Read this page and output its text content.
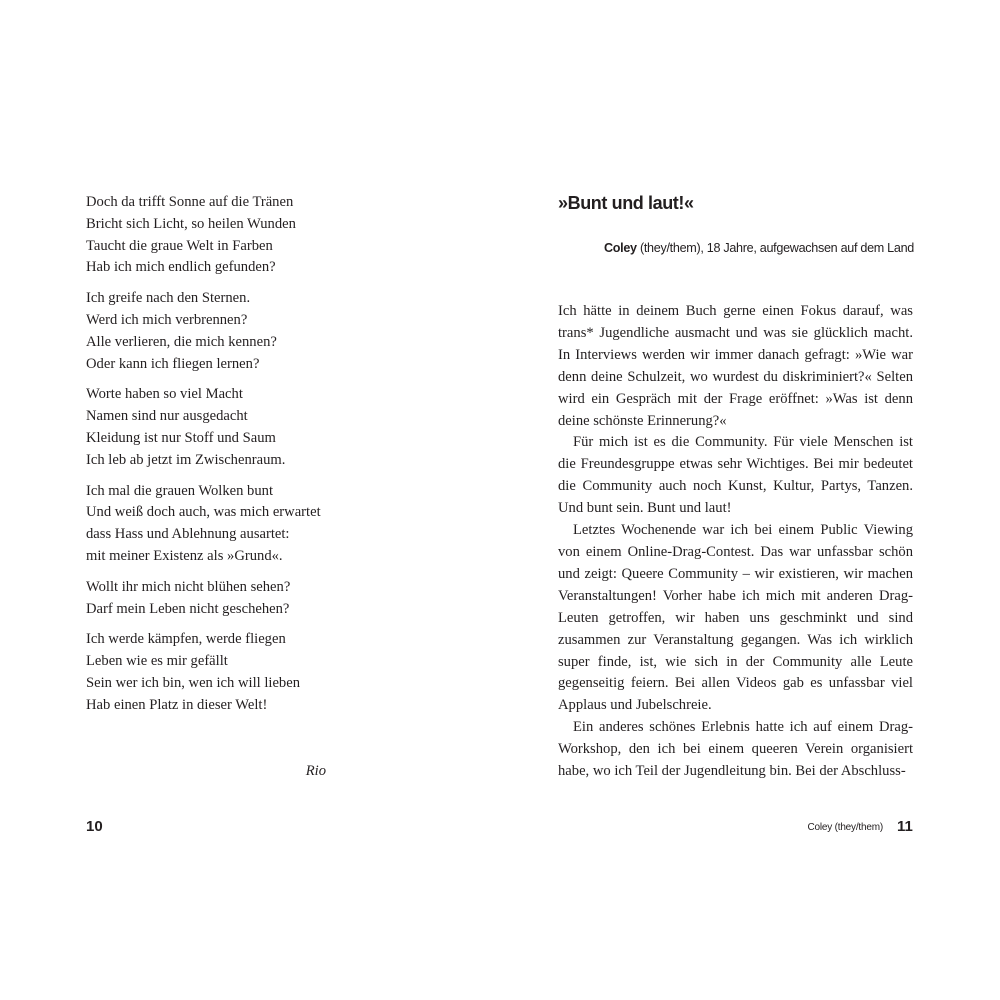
Doch da trifft Sonne auf die Tränen
Bricht sich Licht, so heilen Wunden
Taucht die graue Welt in Farben
Hab ich mich endlich gefunden?
Ich greife nach den Sternen.
Werd ich mich verbrennen?
Alle verlieren, die mich kennen?
Oder kann ich fliegen lernen?
Worte haben so viel Macht
Namen sind nur ausgedacht
Kleidung ist nur Stoff und Saum
Ich leb ab jetzt im Zwischenraum.
Ich mal die grauen Wolken bunt
Und weiß doch auch, was mich erwartet
dass Hass und Ablehnung ausartet:
mit meiner Existenz als »Grund«.
Wollt ihr mich nicht blühen sehen?
Darf mein Leben nicht geschehen?
Ich werde kämpfen, werde fliegen
Leben wie es mir gefällt
Sein wer ich bin, wen ich will lieben
Hab einen Platz in dieser Welt!
Rio
10
»Bunt und laut!«
Coley (they/them), 18 Jahre, aufgewachsen auf dem Land

Ich hätte in deinem Buch gerne einen Fokus darauf, was trans* Jugendliche ausmacht und was sie glücklich macht. In Interviews werden wir immer danach gefragt: »Wie war denn deine Schulzeit, wo wurdest du diskriminiert?« Selten wird ein Gespräch mit der Frage eröffnet: »Was ist denn deine schönste Erinnerung?«

Für mich ist es die Community. Für viele Menschen ist die Freundesgruppe etwas sehr Wichtiges. Bei mir bedeutet die Community auch noch Kunst, Kultur, Partys, Tanzen. Und bunt sein. Bunt und laut!

Letztes Wochenende war ich bei einem Public Viewing von einem Online-Drag-Contest. Das war unfassbar schön und zeigt: Queere Community – wir existieren, wir machen Veranstaltungen! Vorher habe ich mich mit anderen Drag-Leuten getroffen, wir haben uns geschminkt und sind zusammen zur Veranstaltung gegangen. Was ich wirklich super finde, ist, wie sich in der Community alle Leute gegenseitig feiern. Bei allen Videos gab es unfassbar viel Applaus und Jubelschreie.

Ein anderes schönes Erlebnis hatte ich auf einem Drag-Workshop, den ich bei einem queeren Verein organisiert habe, wo ich Teil der Jugendleitung bin. Bei der Abschluss-

Coley (they/them) 11
